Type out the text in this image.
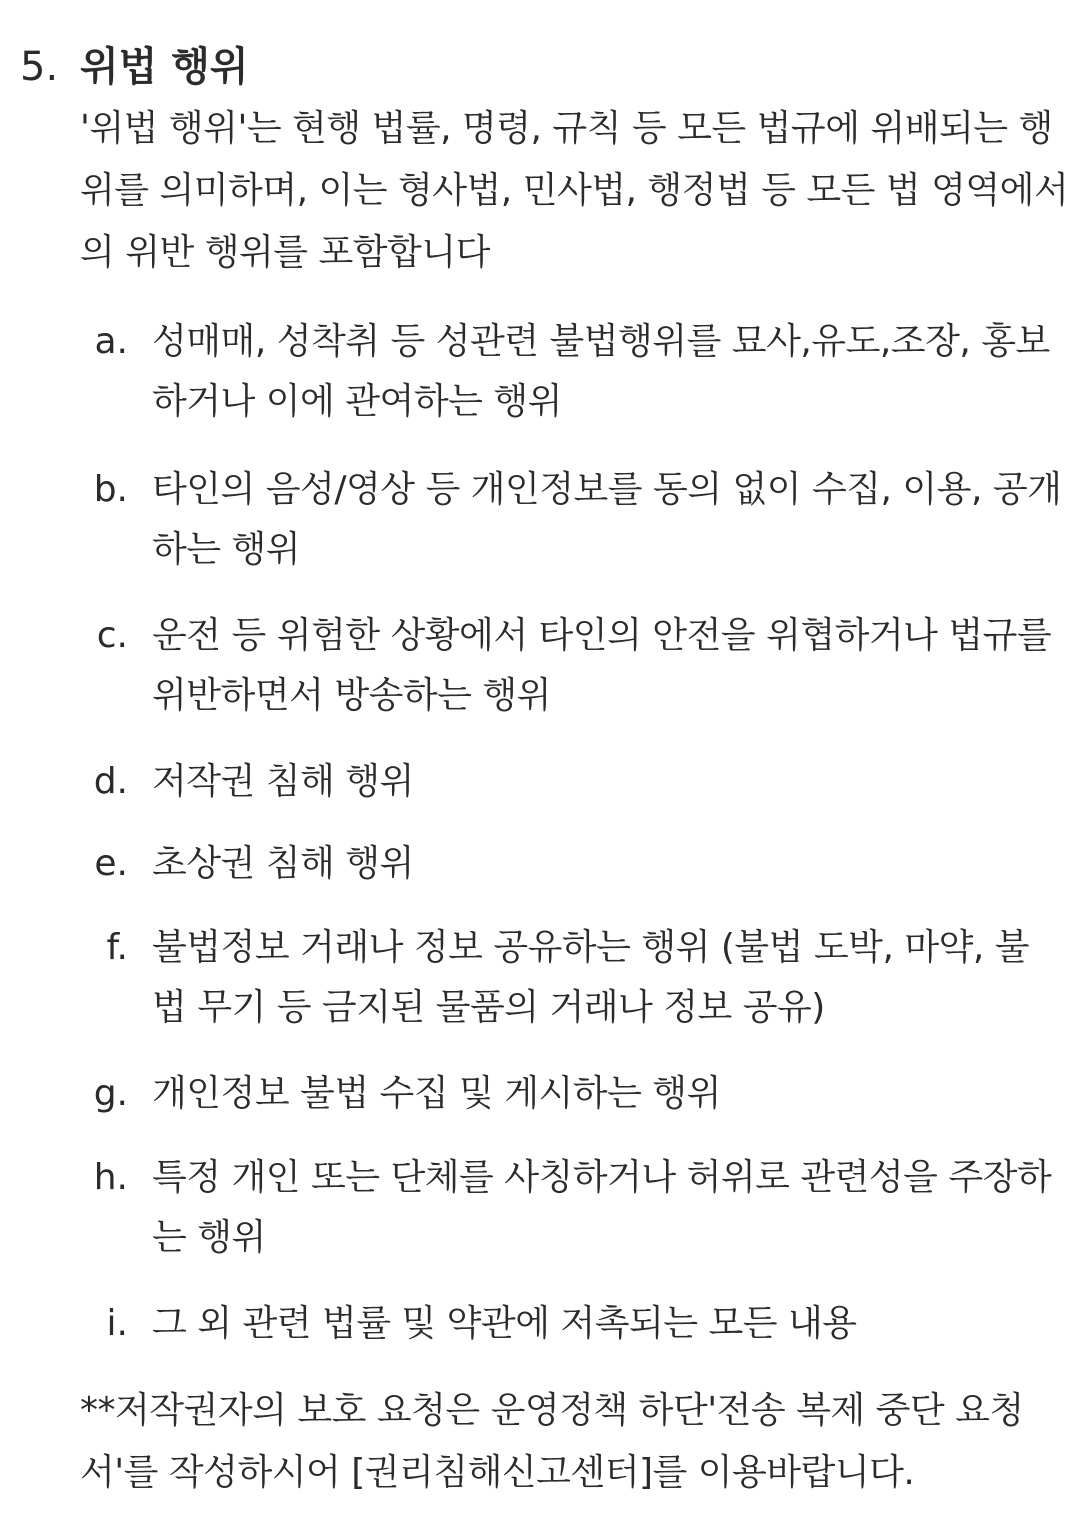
5. 위법 행위
'위법 행위'는 현행 법률, 명령, 규칙 등 모든 법규에 위배되는 행위를 의미하며, 이는 형사법, 민사법, 행정법 등 모든 법 영역에서의 위반 행위를 포함합니다
a. 성매매, 성착취 등 성관련 불법행위를 묘사,유도,조장, 홍보하거나 이에 관여하는 행위
b. 타인의 음성/영상 등 개인정보를 동의 없이 수집, 이용, 공개하는 행위
c. 운전 등 위험한 상황에서 타인의 안전을 위협하거나 법규를 위반하면서 방송하는 행위
d. 저작권 침해 행위
e. 초상권 침해 행위
f. 불법정보 거래나 정보 공유하는 행위 (불법 도박, 마약, 불법 무기 등 금지된 물품의 거래나 정보 공유)
g. 개인정보 불법 수집 및 게시하는 행위
h. 특정 개인 또는 단체를 사칭하거나 허위로 관련성을 주장하는 행위
i. 그 외 관련 법률 및 약관에 저촉되는 모든 내용
**저작권자의 보호 요청은 운영정책 하단'전송 복제 중단 요청서'를 작성하시어 [권리침해신고센터]를 이용바랍니다.
